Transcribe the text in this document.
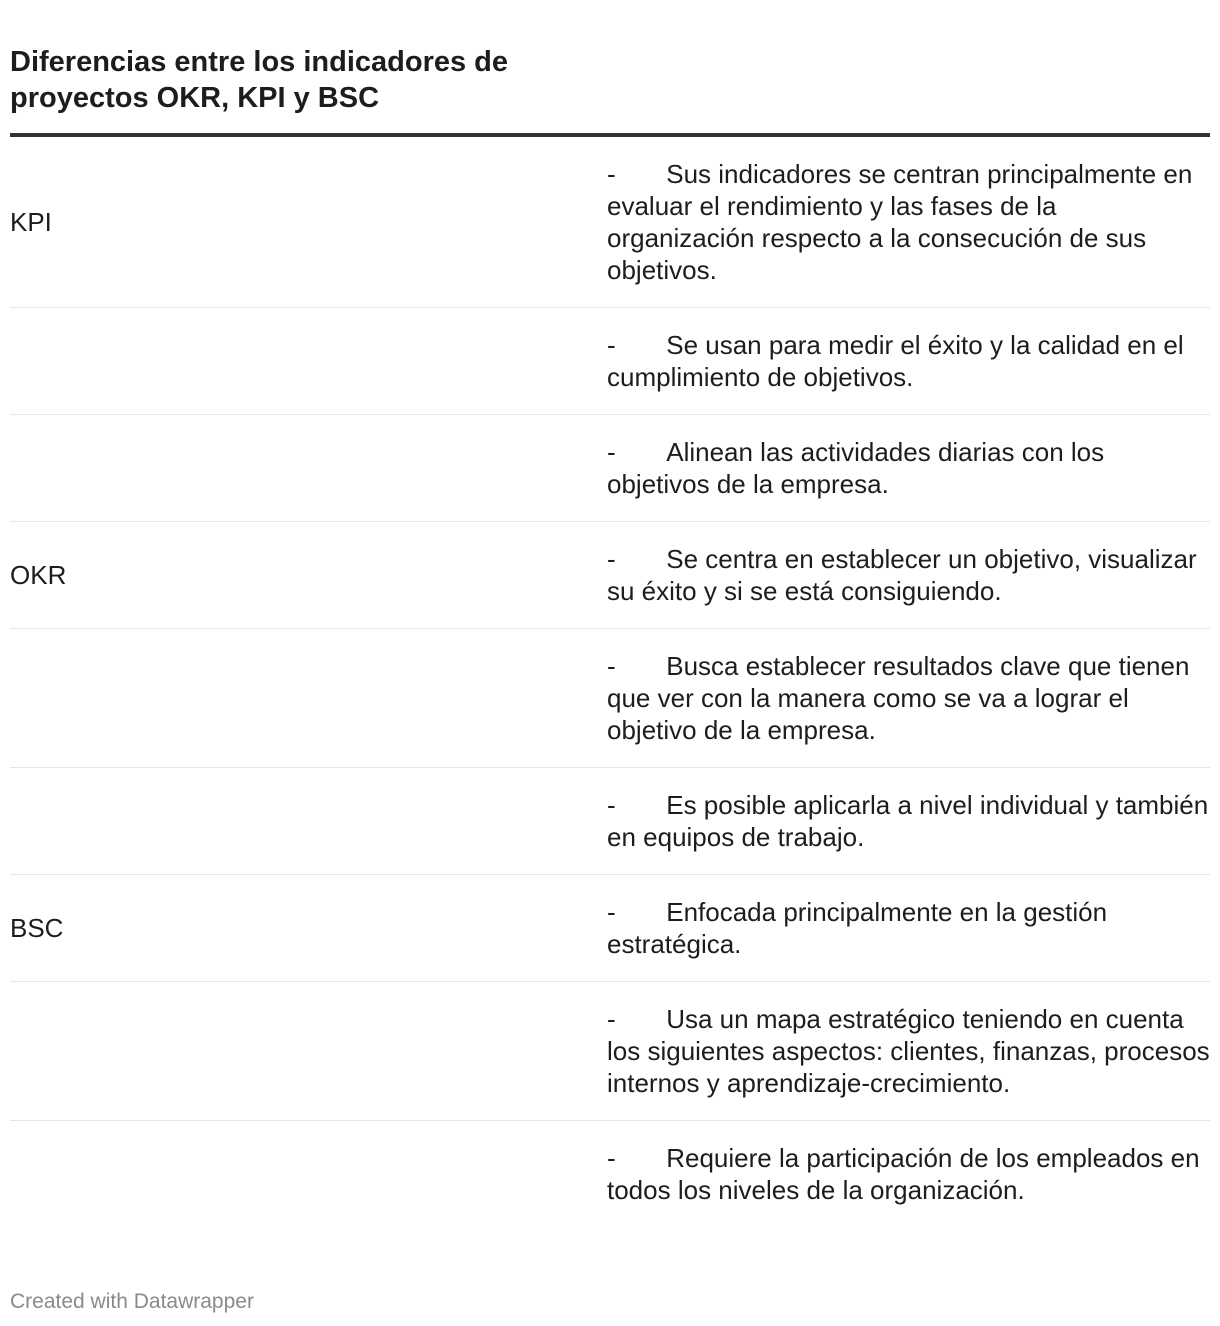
Diferencias entre los indicadores de proyectos OKR, KPI y BSC
KPI
-       Sus indicadores se centran principalmente en evaluar el rendimiento y las fases de la organización respecto a la consecución de sus objetivos.
-       Se usan para medir el éxito y la calidad en el cumplimiento de objetivos.
-       Alinean las actividades diarias con los objetivos de la empresa.
OKR
-       Se centra en establecer un objetivo, visualizar su éxito y si se está consiguiendo.
-       Busca establecer resultados clave que tienen que ver con la manera como se va a lograr el objetivo de la empresa.
-       Es posible aplicarla a nivel individual y también en equipos de trabajo.
BSC
-       Enfocada principalmente en la gestión estratégica.
-       Usa un mapa estratégico teniendo en cuenta los siguientes aspectos: clientes, finanzas, procesos internos y aprendizaje-crecimiento.
-       Requiere la participación de los empleados en todos los niveles de la organización.
Created with Datawrapper
